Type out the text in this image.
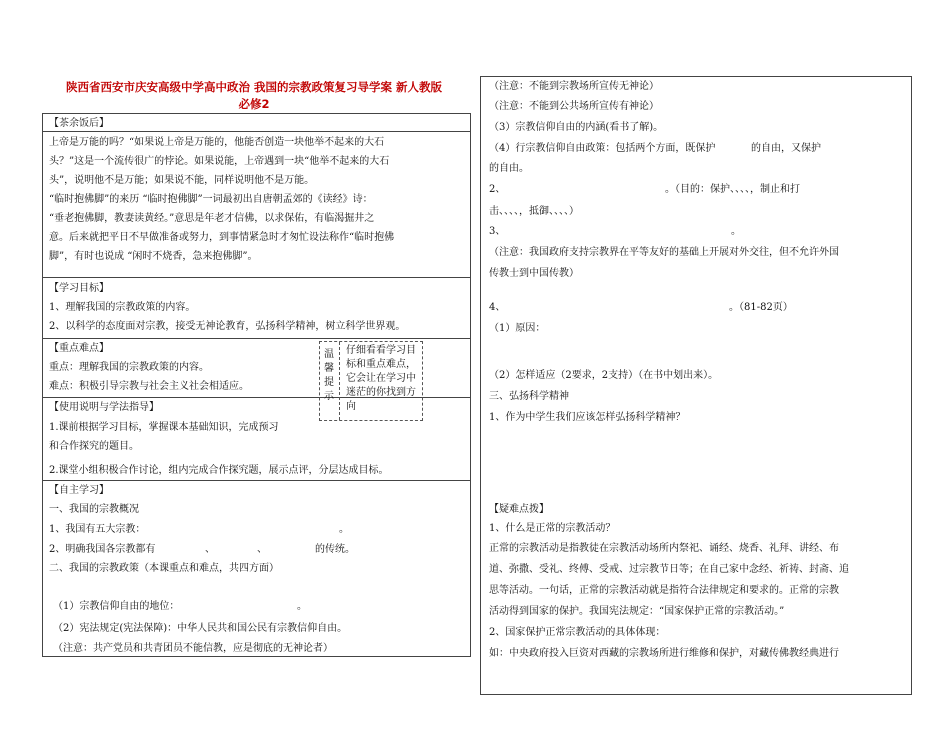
陕西省西安市庆安高级中学高中政治 我国的宗教政策复习导学案 新人教版
必修2
温馨提示
仔细看看学习目标和重点难点，它会让在学习中迷茫的你找到方向
【茶余饭后】
上帝是万能的吗？“如果说上帝是万能的，他能否创造一块他举不起来的大石
头？”这是一个流传很广的悖论。如果说能，上帝遇到一块“他举不起来的大石
头”，说明他不是万能；如果说不能，同样说明他不是万能。
“临时抱佛脚”的来历 “临时抱佛脚”一词最初出自唐朝孟郊的《读经》诗：
“垂老抱佛脚，教妻读黄经。”意思是年老才信佛，以求保佑，有临渴掘井之
意。后来就把平日不早做准备或努力，到事情紧急时才匆忙设法称作“临时抱佛
脚”，有时也说成 “闲时不烧香，急来抱佛脚”。
【学习目标】
1、理解我国的宗教政策的内容。
2、以科学的态度面对宗教，接受无神论教育，弘扬科学精神，树立科学世界观。
【重点难点】
重点：理解我国的宗教政策的内容。
难点：积极引导宗教与社会主义社会相适应。
【使用说明与学法指导】
1.课前根据学习目标，掌握课本基础知识，完成预习
和合作探究的题目。
2.课堂小组积极合作讨论，组内完成合作探究题，展示点评，分层达成目标。
【自主学习】
一、我国的宗教概况
1、我国有五大宗教：	。
2、明确我国各宗教都有	、	、	的传统。
二、我国的宗教政策（本课重点和难点，共四方面）
（1）宗教信仰自由的地位：	。
（2）宪法规定(宪法保障)：中华人民共和国公民有宗教信仰自由。
（注意：共产党员和共青团员不能信教，应是彻底的无神论者）
（注意：不能到宗教场所宣传无神论）
（注意：不能到公共场所宣传有神论）
（3）宗教信仰自由的内涵(看书了解)。
（4）行宗教信仰自由政策：包括两个方面，既保护	的自由，又保护
的自由。
2、	。（目的：保护、、、、，制止和打
击、、、、，抵御、、、、）
3、	。
（注意：我国政府支持宗教界在平等友好的基础上开展对外交往，但不允许外国
传教士到中国传教）
4、	。（81-82页）
（1）原因：
（2）怎样适应（2要求，2支持）（在书中划出来）。
三、弘扬科学精神
1、作为中学生我们应该怎样弘扬科学精神？
【疑难点拨】
1、什么是正常的宗教活动？
正常的宗教活动是指教徒在宗教活动场所内祭祀、诵经、烧香、礼拜、讲经、布
道、弥撒、受礼、终傅、受戒、过宗教节日等；在自己家中念经、祈祷、封斋、追
思等活动。一句话，正常的宗教活动就是指符合法律规定和要求的。正常的宗教
活动得到国家的保护。我国宪法规定：“国家保护正常的宗教活动。”
2、国家保护正常宗教活动的具体体现：
如：中央政府投入巨资对西藏的宗教场所进行维修和保护，对藏传佛教经典进行
